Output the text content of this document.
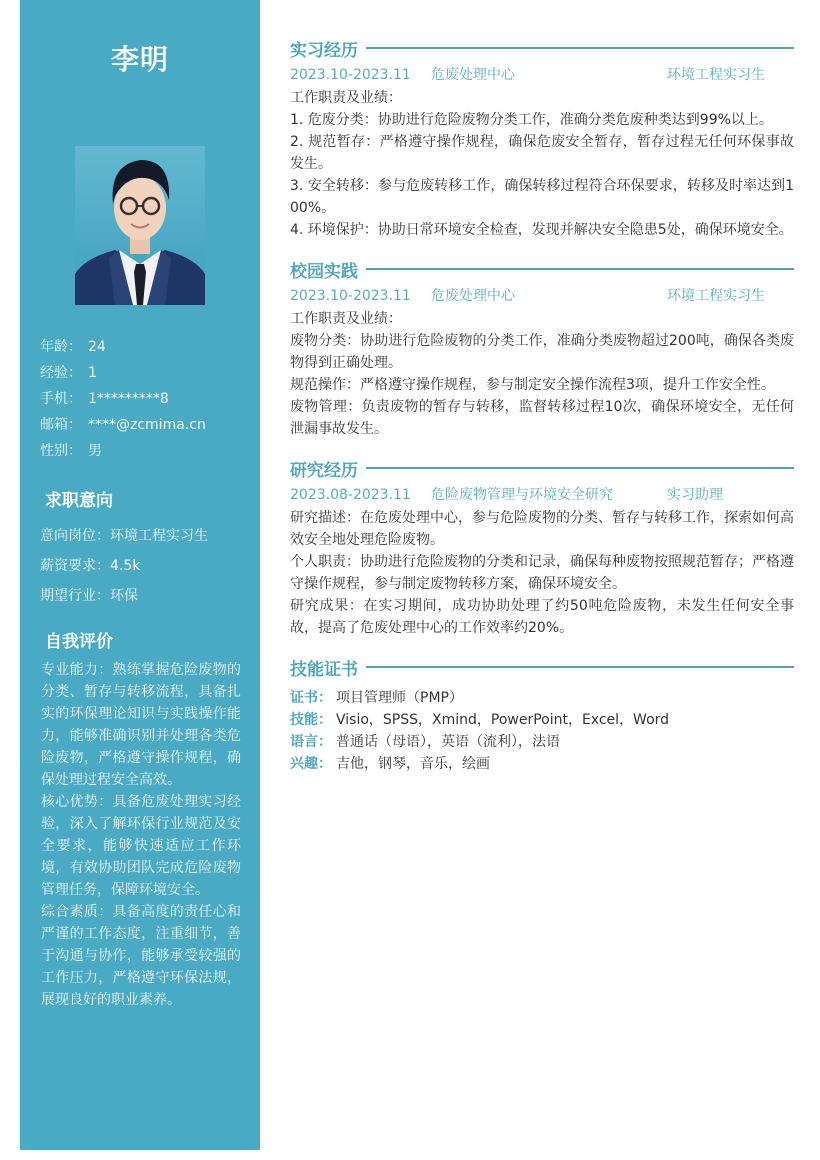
李明
年龄： 24
经验： 1
手机： 1*********8
邮箱： ****@zcmima.cn
性别： 男
求职意向
意向岗位：环境工程实习生
薪资要求：4.5k
期望行业：环保
自我评价

专业能力：熟练掌握危险废物的分类、暂存与转移流程，具备扎实的环保理论知识与实践操作能力，能够准确识别并处理各类危险废物，严格遵守操作规程，确保处理过程安全高效。

核心优势：具备危废处理实习经验，深入了解环保行业规范及安全要求，能够快速适应工作环境，有效协助团队完成危险废物管理任务，保障环境安全。

综合素质：具备高度的责任心和严谨的工作态度，注重细节，善于沟通与协作，能够承受较强的工作压力，严格遵守环保法规，展现良好的职业素养。

实习经历
2023.10-2023.11	危废处理中心	环境工程实习生

工作职责及业绩：

1. 危废分类：协助进行危险废物分类工作，准确分类危废种类达到99%以上。

2. 规范暂存：严格遵守操作规程，确保危废安全暂存，暂存过程无任何环保事故发生。

3. 安全转移：参与危废转移工作，确保转移过程符合环保要求，转移及时率达到100%。

4. 环境保护：协助日常环境安全检查，发现并解决安全隐患5处，确保环境安全。

校园实践
2023.10-2023.11	危废处理中心	环境工程实习生

工作职责及业绩：

废物分类：协助进行危险废物的分类工作，准确分类废物超过200吨，确保各类废物得到正确处理。

规范操作：严格遵守操作规程，参与制定安全操作流程3项，提升工作安全性。

废物管理：负责废物的暂存与转移，监督转移过程10次，确保环境安全，无任何泄漏事故发生。

研究经历
2023.08-2023.11	危险废物管理与环境安全研究	实习助理

研究描述：在危废处理中心，参与危险废物的分类、暂存与转移工作，探索如何高效安全地处理危险废物。

个人职责：协助进行危险废物的分类和记录，确保每种废物按照规范暂存；严格遵守操作规程，参与制定废物转移方案，确保环境安全。

研究成果：在实习期间，成功协助处理了约50吨危险废物，未发生任何安全事故，提高了危废处理中心的工作效率约20%。

技能证书
证书： 项目管理师（PMP）
技能： Visio，SPSS，Xmind，PowerPoint，Excel，Word
语言： 普通话（母语），英语（流利），法语
兴趣： 吉他，钢琴，音乐，绘画
